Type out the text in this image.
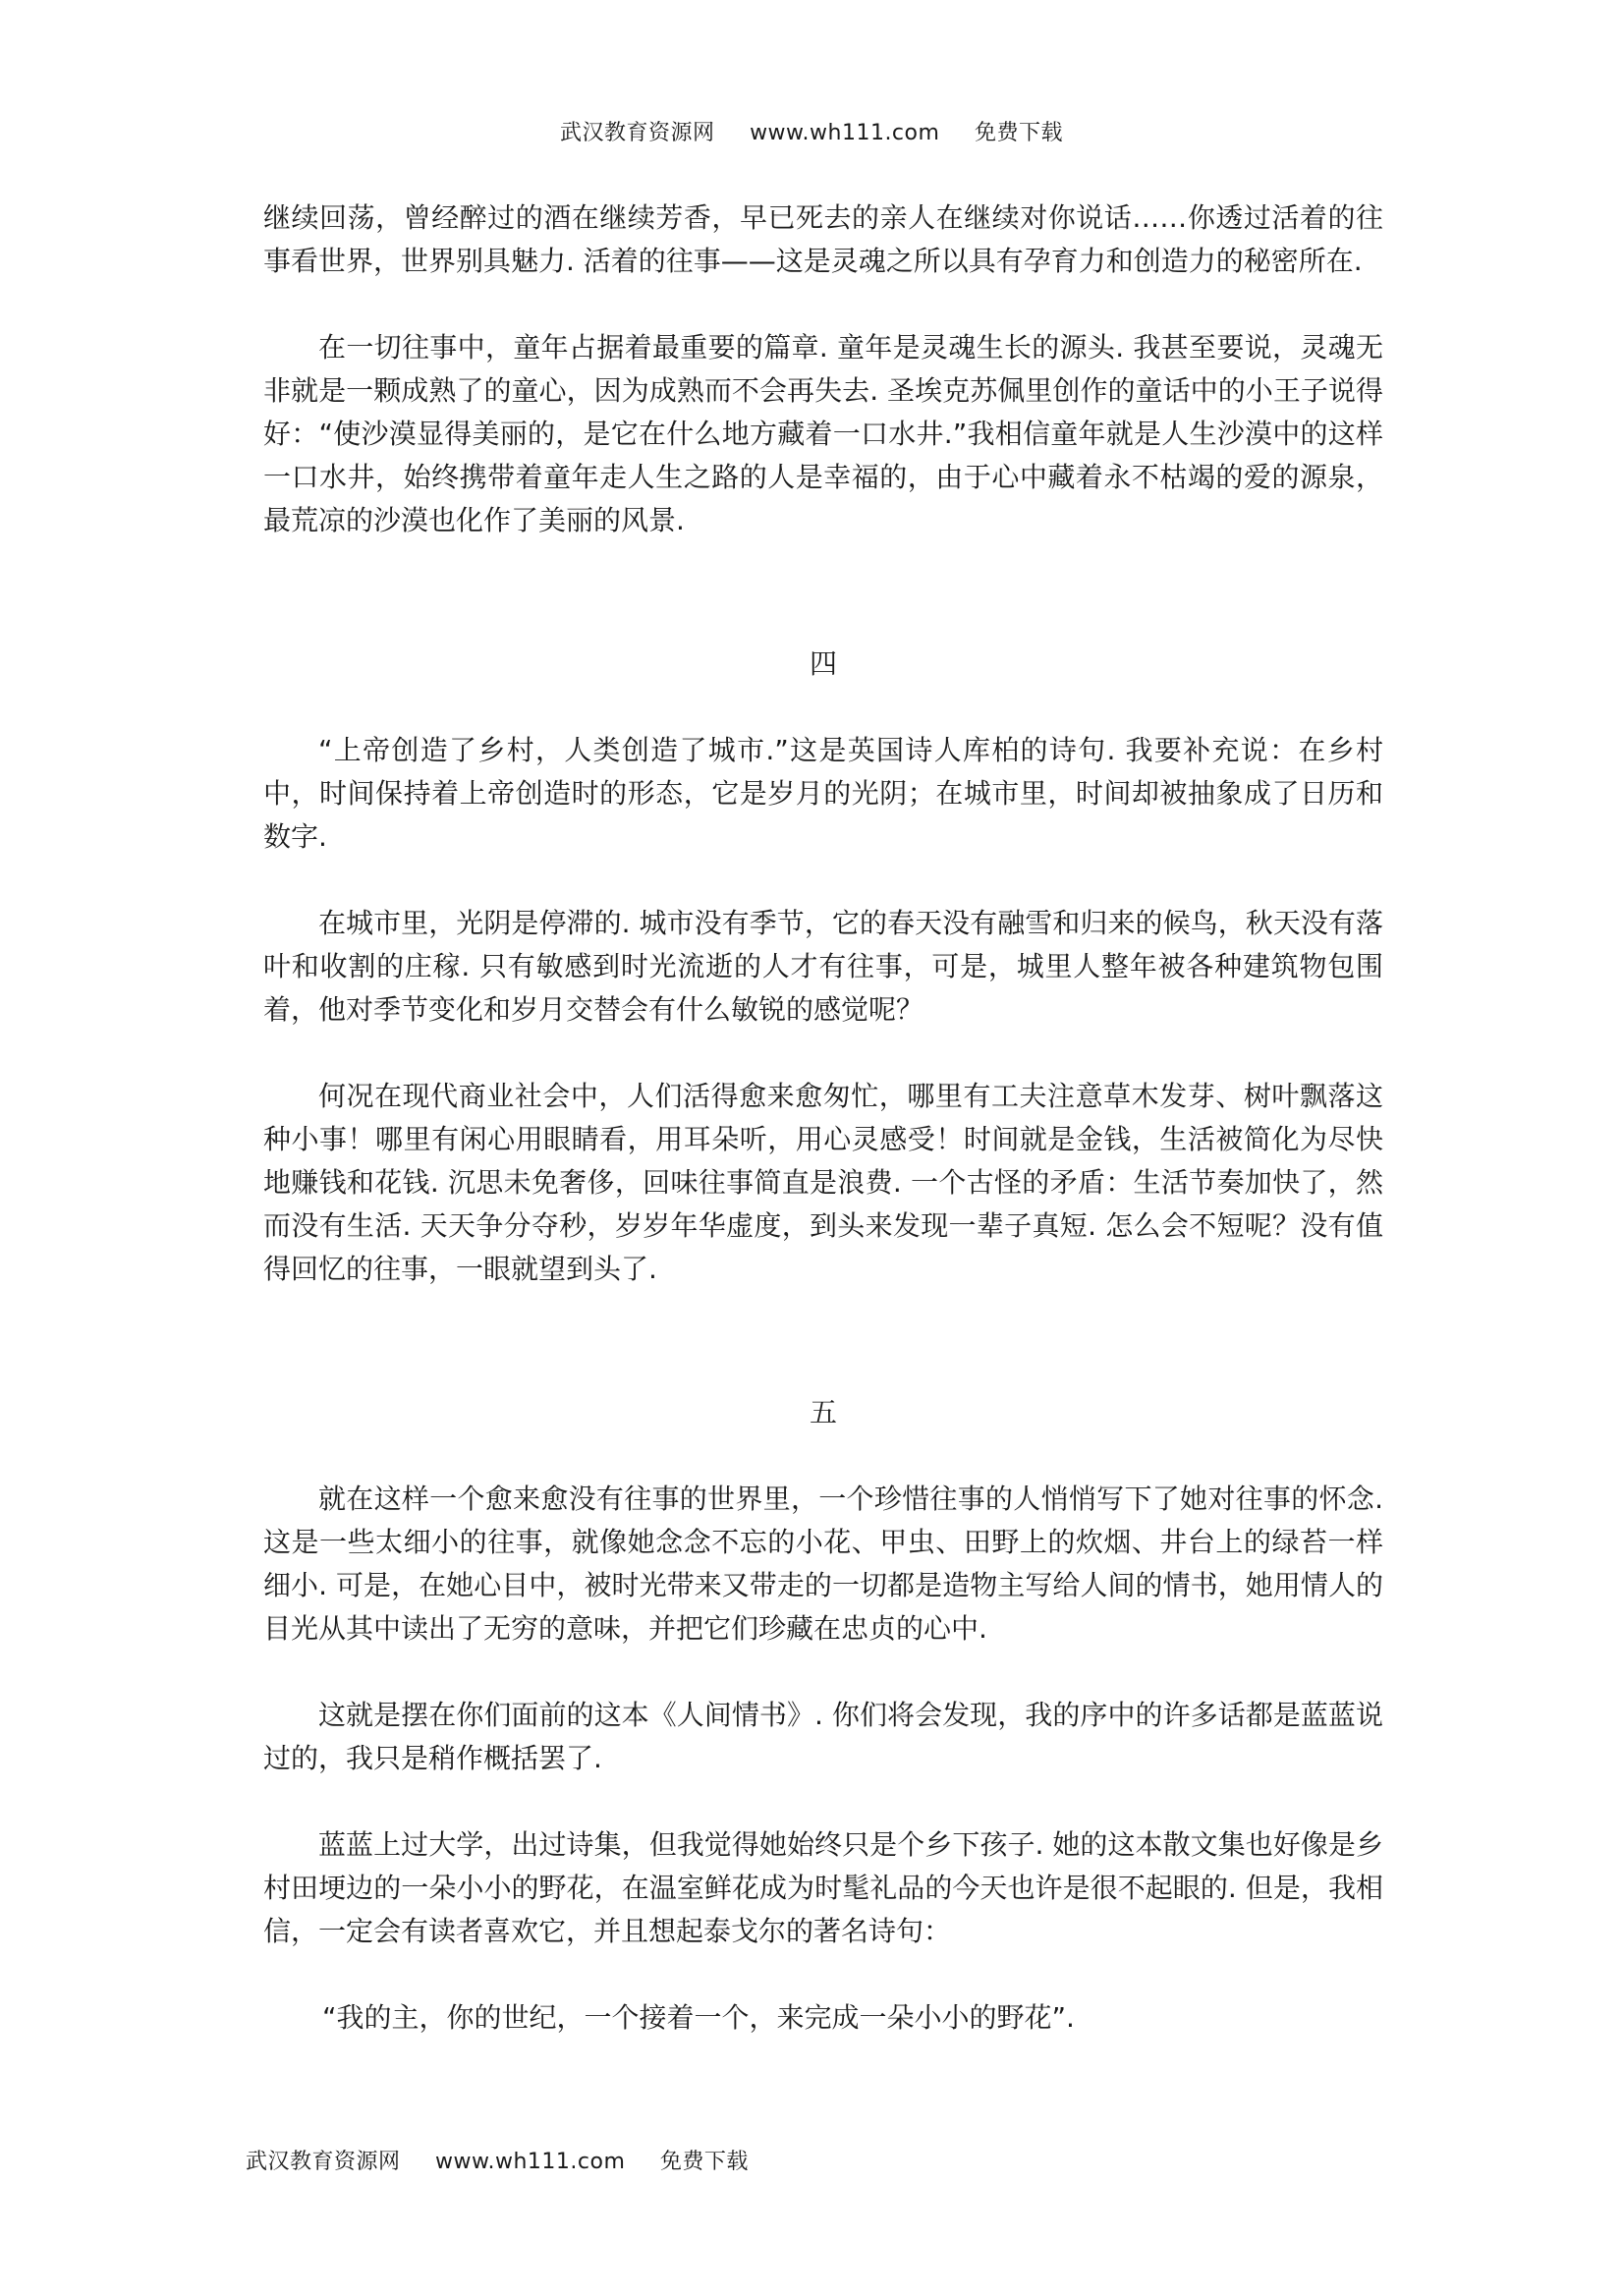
武汉教育资源网 www.wh111.com 免费下载

继续回荡，曾经醉过的酒在继续芳香，早已死去的亲人在继续对你说话……你透过活着的往事看世界，世界别具魅力. 活着的往事——这是灵魂之所以具有孕育力和创造力的秘密所在.

在一切往事中，童年占据着最重要的篇章. 童年是灵魂生长的源头. 我甚至要说，灵魂无非就是一颗成熟了的童心，因为成熟而不会再失去. 圣埃克苏佩里创作的童话中的小王子说得好：“使沙漠显得美丽的，是它在什么地方藏着一口水井.”我相信童年就是人生沙漠中的这样一口水井，始终携带着童年走人生之路的人是幸福的，由于心中藏着永不枯竭的爱的源泉，最荒凉的沙漠也化作了美丽的风景.

四

“上帝创造了乡村，人类创造了城市.”这是英国诗人库柏的诗句. 我要补充说：在乡村中，时间保持着上帝创造时的形态，它是岁月的光阴；在城市里，时间却被抽象成了日历和数字.

在城市里，光阴是停滞的. 城市没有季节，它的春天没有融雪和归来的候鸟，秋天没有落叶和收割的庄稼. 只有敏感到时光流逝的人才有往事，可是，城里人整年被各种建筑物包围着，他对季节变化和岁月交替会有什么敏锐的感觉呢？

何况在现代商业社会中，人们活得愈来愈匆忙，哪里有工夫注意草木发芽、树叶飘落这种小事！哪里有闲心用眼睛看，用耳朵听，用心灵感受！时间就是金钱，生活被简化为尽快地赚钱和花钱. 沉思未免奢侈，回味往事简直是浪费. 一个古怪的矛盾：生活节奏加快了，然而没有生活. 天天争分夺秒，岁岁年华虚度，到头来发现一辈子真短. 怎么会不短呢？没有值得回忆的往事，一眼就望到头了.

五

就在这样一个愈来愈没有往事的世界里，一个珍惜往事的人悄悄写下了她对往事的怀念. 这是一些太细小的往事，就像她念念不忘的小花、甲虫、田野上的炊烟、井台上的绿苔一样细小. 可是，在她心目中，被时光带来又带走的一切都是造物主写给人间的情书，她用情人的目光从其中读出了无穷的意味，并把它们珍藏在忠贞的心中.

这就是摆在你们面前的这本《人间情书》. 你们将会发现，我的序中的许多话都是蓝蓝说过的，我只是稍作概括罢了.

蓝蓝上过大学，出过诗集，但我觉得她始终只是个乡下孩子. 她的这本散文集也好像是乡村田埂边的一朵小小的野花，在温室鲜花成为时髦礼品的今天也许是很不起眼的. 但是，我相信，一定会有读者喜欢它，并且想起泰戈尔的著名诗句：

“我的主，你的世纪，一个接着一个，来完成一朵小小的野花”.

武汉教育资源网 www.wh111.com 免费下载
